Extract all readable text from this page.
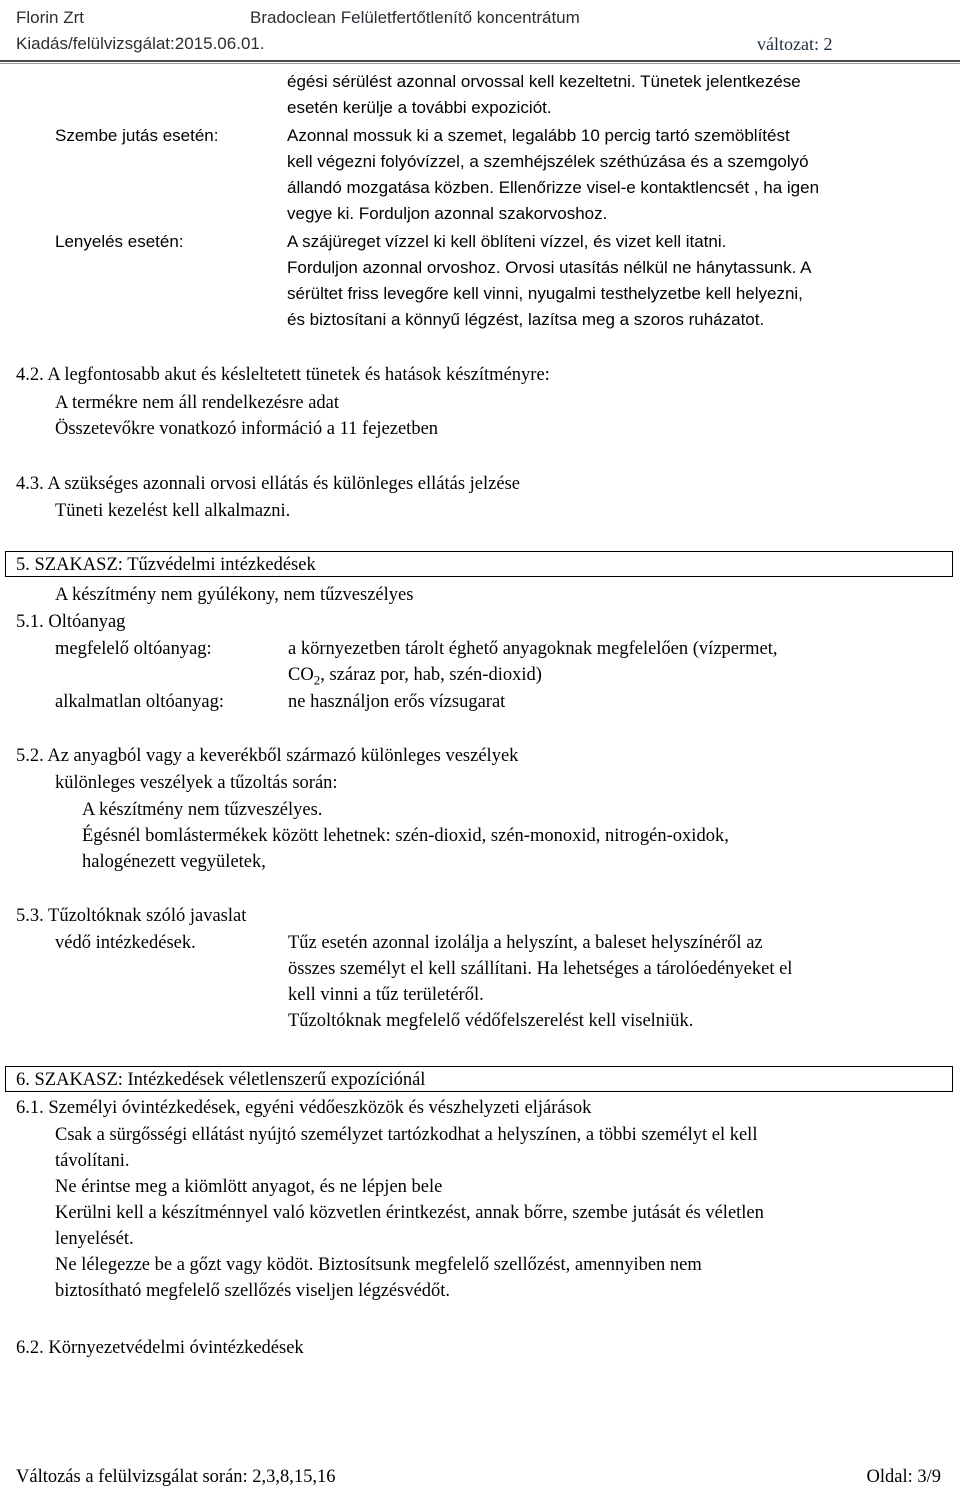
Florin Zrt	Bradoclean Felületfertőtlenítő koncentrátum
Kiadás/felülvizsgálat:2015.06.01.	változat: 2
égési sérülést azonnal orvossal kell kezeltetni. Tünetek jelentkezése
esetén kerülje a további expoziciót.
Szembe jutás esetén:	Azonnal mossuk ki a szemet, legalább 10 percig tartó szemöblítést
kell végezni folyóvízzel, a szemhéjszélek széthúzása és a szemgolyó
állandó mozgatása közben. Ellenőrizze visel-e kontaktlencsét , ha igen
vegye ki. Forduljon azonnal szakorvoshoz.
Lenyelés esetén:	A szájüreget vízzel ki kell öblíteni vízzel, és vizet kell itatni.
Forduljon azonnal orvoshoz. Orvosi utasítás nélkül ne hánytassunk. A
sérültet friss levegőre kell vinni, nyugalmi testhelyzetbe kell helyezni,
és biztosítani a könnyű légzést, lazítsa meg a szoros ruházatot.
4.2. A legfontosabb akut és késleltetett tünetek és hatások készítményre:
A termékre nem áll rendelkezésre adat
Összetevőkre vonatkozó információ a 11 fejezetben
4.3. A szükséges azonnali orvosi ellátás és különleges ellátás jelzése
Tüneti kezelést kell alkalmazni.
5. SZAKASZ: Tűzvédelmi intézkedések
A készítmény nem gyúlékony, nem tűzveszélyes
5.1. Oltóanyag
megfelelő oltóanyag:	a környezetben tárolt éghető anyagoknak megfelelően (vízpermet,
$CO_2$, száraz por, hab, szén-dioxid)
alkalmatlan oltóanyag:	ne használjon erős vízsugarat
5.2. Az anyagból vagy a keverékből származó különleges veszélyek
különleges veszélyek a tűzoltás során:
A készítmény nem tűzveszélyes.
Égésnél bomlástermékek között lehetnek: szén-dioxid, szén-monoxid, nitrogén-oxidok,
halogénezett vegyületek,
5.3. Tűzoltóknak szóló javaslat
védő intézkedések.	Tűz esetén azonnal izolálja a helyszínt, a baleset helyszínéről az
összes személyt el kell szállítani. Ha lehetséges a tárolóedényeket el
kell vinni a tűz területéről.
Tűzoltóknak megfelelő védőfelszerelést kell viselniük.
6. SZAKASZ: Intézkedések véletlenszerű expozíciónál
6.1. Személyi óvintézkedések, egyéni védőeszközök és vészhelyzeti eljárások
Csak a sürgősségi ellátást nyújtó személyzet tartózkodhat a helyszínen, a többi személyt el kell
távolítani.
Ne érintse meg a kiömlött anyagot, és ne lépjen bele
Kerülni kell a készítménnyel való közvetlen érintkezést, annak bőrre, szembe jutását és véletlen
lenyelését.
Ne lélegezze be a gőzt vagy ködöt. Biztosítsunk megfelelő szellőzést, amennyiben nem
biztosítható megfelelő szellőzés viseljen légzésvédőt.
6.2. Környezetvédelmi óvintézkedések
Változás a felülvizsgálat során: 2,3,8,15,16	Oldal: 3/9
